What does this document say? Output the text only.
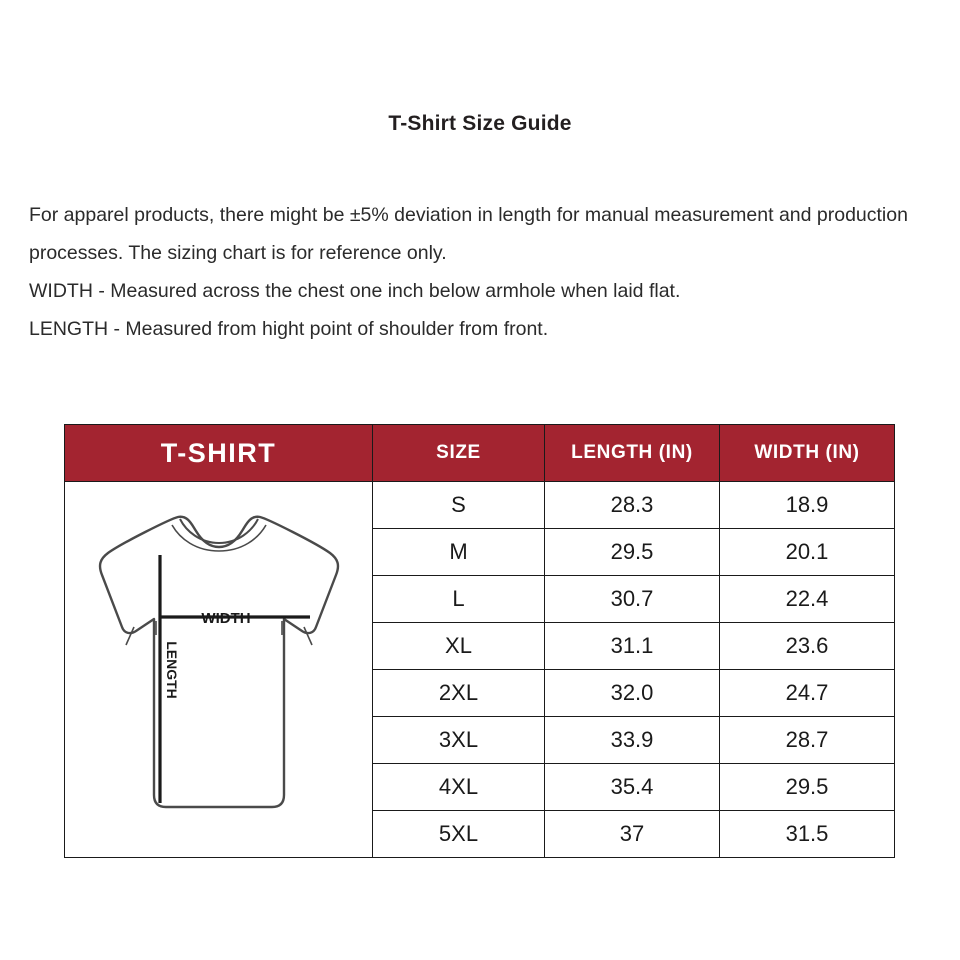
T-Shirt Size Guide

For apparel products, there might be ±5% deviation in length for manual measurement and production processes. The sizing chart is for reference only.

WIDTH - Measured across the chest one inch below armhole when laid flat.

LENGTH - Measured from hight point of shoulder from front.

T-SHIRT	SIZE	LENGTH (IN)	WIDTH (IN)

WIDTH
LENGTH	S	28.3	18.9
	M	29.5	20.1
	L	30.7	22.4
	XL	31.1	23.6
	2XL	32.0	24.7
	3XL	33.9	28.7
	4XL	35.4	29.5
	5XL	37	31.5
